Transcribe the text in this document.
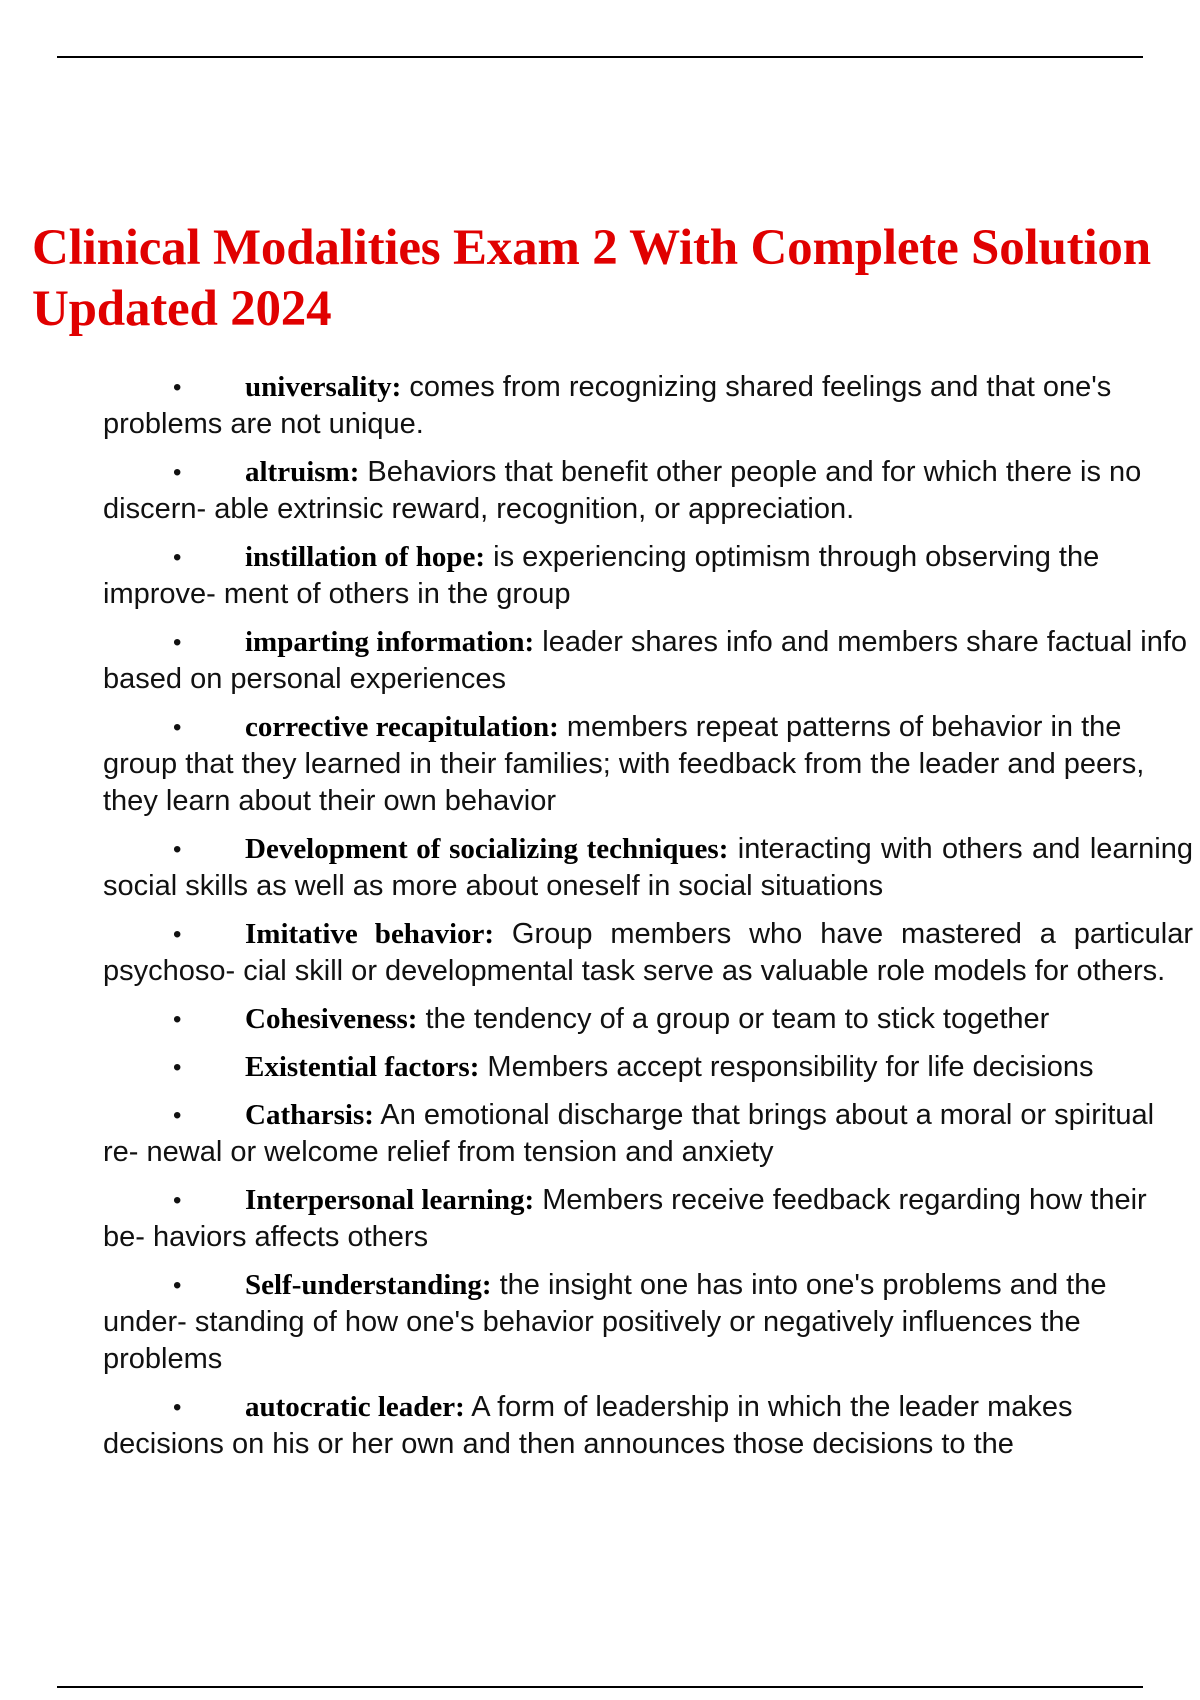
Clinical Modalities Exam 2 With Complete Solution Updated 2024
• universality: comes from recognizing shared feelings and that one's problems are not unique.
• altruism: Behaviors that benefit other people and for which there is no discern- able extrinsic reward, recognition, or appreciation.
• instillation of hope: is experiencing optimism through observing the improve- ment of others in the group
• imparting information: leader shares info and members share factual info based on personal experiences
• corrective recapitulation: members repeat patterns of behavior in the group that they learned in their families; with feedback from the leader and peers, they learn about their own behavior
• Development of socializing techniques: interacting with others and learning social skills as well as more about oneself in social situations
• Imitative behavior: Group members who have mastered a particular psychoso- cial skill or developmental task serve as valuable role models for others.
• Cohesiveness: the tendency of a group or team to stick together
• Existential factors: Members accept responsibility for life decisions
• Catharsis: An emotional discharge that brings about a moral or spiritual re- newal or welcome relief from tension and anxiety
• Interpersonal learning: Members receive feedback regarding how their be- haviors affects others
• Self-understanding: the insight one has into one's problems and the under- standing of how one's behavior positively or negatively influences the problems
• autocratic leader: A form of leadership in which the leader makes decisions on his or her own and then announces those decisions to the
